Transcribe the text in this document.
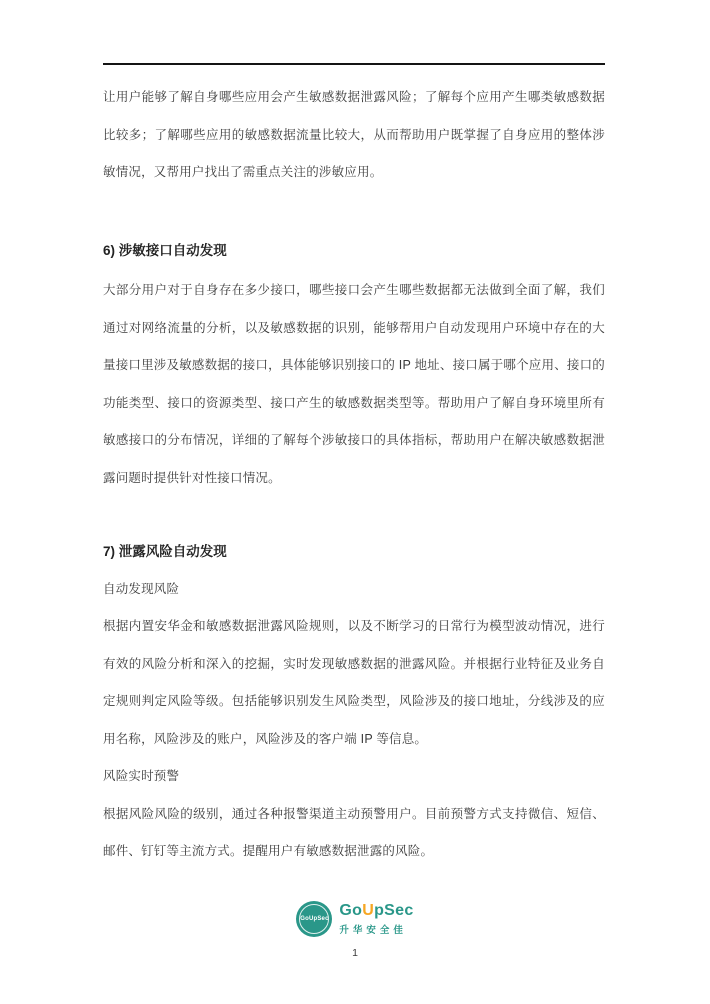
让用户能够了解自身哪些应用会产生敏感数据泄露风险；了解每个应用产生哪类敏感数据比较多；了解哪些应用的敏感数据流量比较大，从而帮助用户既掌握了自身应用的整体涉敏情况，又帮用户找出了需重点关注的涉敏应用。

6) 涉敏接口自动发现

大部分用户对于自身存在多少接口，哪些接口会产生哪些数据都无法做到全面了解，我们通过对网络流量的分析，以及敏感数据的识别，能够帮用户自动发现用户环境中存在的大量接口里涉及敏感数据的接口，具体能够识别接口的 IP 地址、接口属于哪个应用、接口的功能类型、接口的资源类型、接口产生的敏感数据类型等。帮助用户了解自身环境里所有敏感接口的分布情况，详细的了解每个涉敏接口的具体指标，帮助用户在解决敏感数据泄露问题时提供针对性接口情况。

7) 泄露风险自动发现

自动发现风险

根据内置安华金和敏感数据泄露风险规则，以及不断学习的日常行为模型波动情况，进行有效的风险分析和深入的挖掘，实时发现敏感数据的泄露风险。并根据行业特征及业务自定规则判定风险等级。包括能够识别发生风险类型，风险涉及的接口地址，分线涉及的应用名称，风险涉及的账户，风险涉及的客户端 IP 等信息。

风险实时预警

根据风险风险的级别，通过各种报警渠道主动预警用户。目前预警方式支持微信、短信、邮件、钉钉等主流方式。提醒用户有敏感数据泄露的风险。

GoUpSec
GoUpSec
升华安全佳
1
